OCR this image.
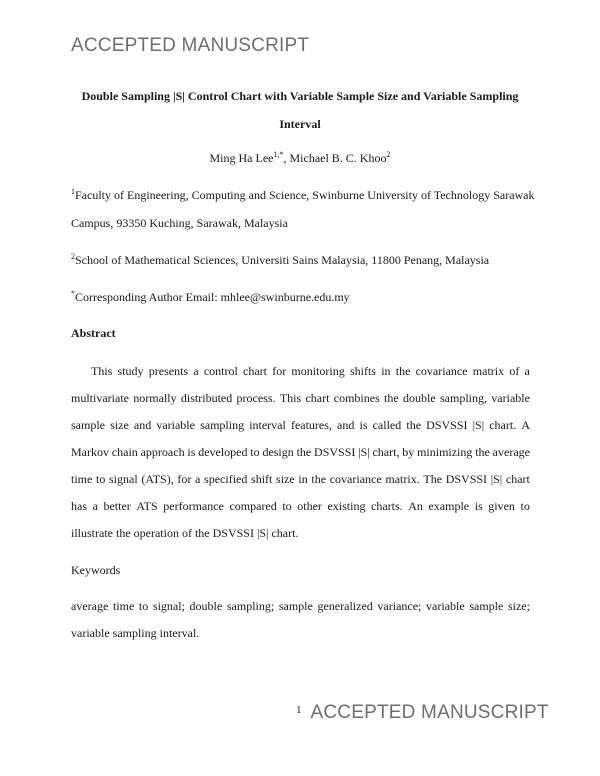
ACCEPTED MANUSCRIPT
Double Sampling |S| Control Chart with Variable Sample Size and Variable Sampling
Interval
Ming Ha Lee$^{1,*}$, Michael B. C. Khoo$^2$
$^1$Faculty of Engineering, Computing and Science, Swinburne University of Technology Sarawak
Campus, 93350 Kuching, Sarawak, Malaysia
$^2$School of Mathematical Sciences, Universiti Sains Malaysia, 11800 Penang, Malaysia
*Corresponding Author Email: mhlee@swinburne.edu.my
Abstract
This study presents a control chart for monitoring shifts in the covariance matrix of a
multivariate normally distributed process. This chart combines the double sampling, variable
sample size and variable sampling interval features, and is called the DSVSSI |S| chart. A
Markov chain approach is developed to design the DSVSSI |S| chart, by minimizing the average
time to signal (ATS), for a specified shift size in the covariance matrix. The DSVSSI |S| chart
has a better ATS performance compared to other existing charts. An example is given to
illustrate the operation of the DSVSSI |S| chart.
Keywords
average time to signal; double sampling; sample generalized variance; variable sample size;
variable sampling interval.
$^1$ ACCEPTED MANUSCRIPT
